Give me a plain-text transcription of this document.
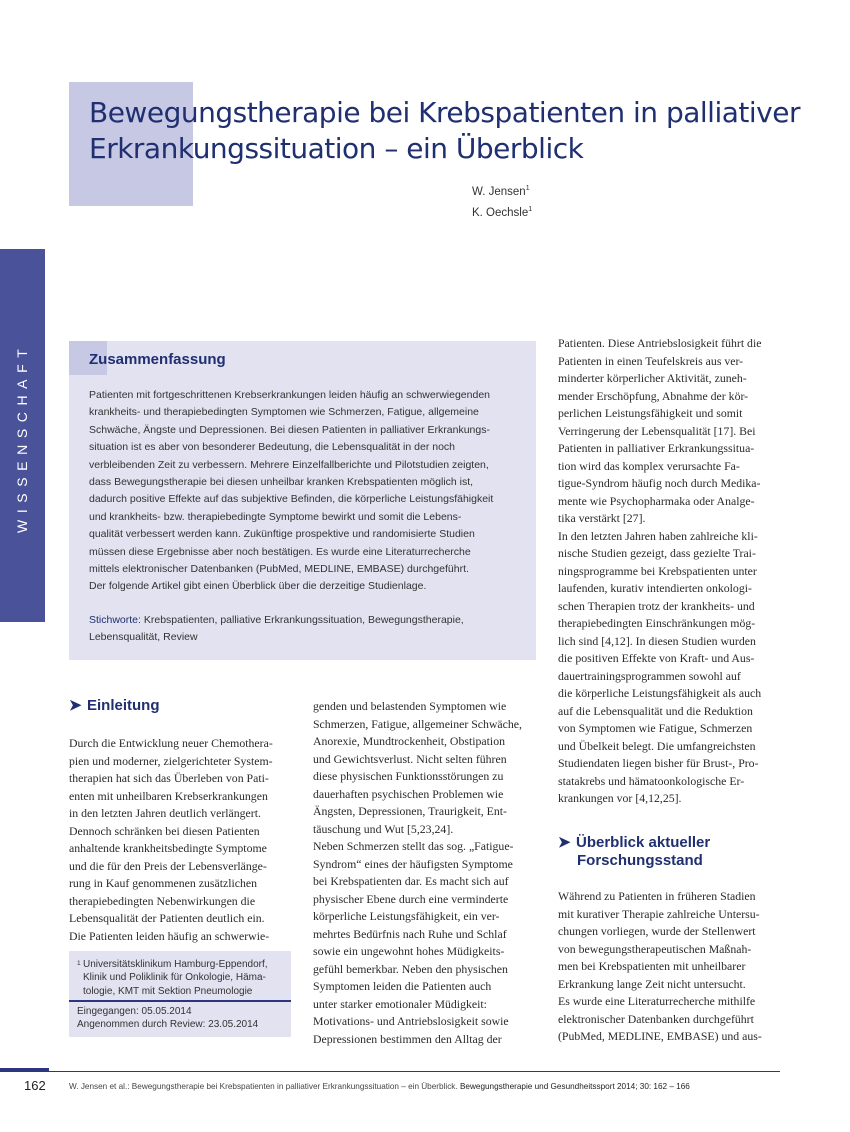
Bewegungstherapie bei Krebspatienten in palliativer Erkrankungssituation – ein Überblick
W. Jensen$^1$
K. Oechsle$^1$
WISSENSCHAFT	Zusammenfassung
Patienten mit fortgeschrittenen Krebserkrankungen leiden häufig an schwerwiegenden
krankheits- und therapiebedingten Symptomen wie Schmerzen, Fatigue, allgemeine
Schwäche, Ängste und Depressionen. Bei diesen Patienten in palliativer Erkrankungs-
situation ist es aber von besonderer Bedeutung, die Lebensqualität in der noch
verbleibenden Zeit zu verbessern. Mehrere Einzelfallberichte und Pilotstudien zeigten,
dass Bewegungstherapie bei diesen unheilbar kranken Krebspatienten möglich ist,
dadurch positive Effekte auf das subjektive Befinden, die körperliche Leistungsfähigkeit
und krankheits- bzw. therapiebedingte Symptome bewirkt und somit die Lebens-
qualität verbessert werden kann. Zukünftige prospektive und randomisierte Studien
müssen diese Ergebnisse aber noch bestätigen. Es wurde eine Literaturrecherche
mittels elektronischer Datenbanken (PubMed, MEDLINE, EMBASE) durchgeführt.
Der folgende Artikel gibt einen Überblick über die derzeitige Studienlage.
Stichworte: Krebspatienten, palliative Erkrankungssituation, Bewegungstherapie,
Lebensqualität, Review
➤ Einleitung
Durch die Entwicklung neuer Chemothera-
pien und moderner, zielgerichteter System-
therapien hat sich das Überleben von Pati-
enten mit unheilbaren Krebserkrankungen
in den letzten Jahren deutlich verlängert.
Dennoch schränken bei diesen Patienten
anhaltende krankheitsbedingte Symptome
und die für den Preis der Lebensverlänge-
rung in Kauf genommenen zusätzlichen
therapiebedingten Nebenwirkungen die
Lebensqualität der Patienten deutlich ein.
Die Patienten leiden häufig an schwerwie-
genden und belastenden Symptomen wie
Schmerzen, Fatigue, allgemeiner Schwäche,
Anorexie, Mundtrockenheit, Obstipation
und Gewichtsverlust. Nicht selten führen
diese physischen Funktionsstörungen zu
dauerhaften psychischen Problemen wie
Ängsten, Depressionen, Traurigkeit, Ent-
täuschung und Wut [5,23,24].
Neben Schmerzen stellt das sog. „Fatigue-
Syndrom“ eines der häufigsten Symptome
bei Krebspatienten dar. Es macht sich auf
physischer Ebene durch eine verminderte
körperliche Leistungsfähigkeit, ein ver-
mehrtes Bedürfnis nach Ruhe und Schlaf
sowie ein ungewohnt hohes Müdigkeits-
gefühl bemerkbar. Neben den physischen
Symptomen leiden die Patienten auch
unter starker emotionaler Müdigkeit:
Motivations- und Antriebslosigkeit sowie
Depressionen bestimmen den Alltag der
Patienten. Diese Antriebslosigkeit führt die
Patienten in einen Teufelskreis aus ver-
minderter körperlicher Aktivität, zuneh-
mender Erschöpfung, Abnahme der kör-
perlichen Leistungsfähigkeit und somit
Verringerung der Lebensqualität [17]. Bei
Patienten in palliativer Erkrankungssitua-
tion wird das komplex verursachte Fa-
tigue-Syndrom häufig noch durch Medika-
mente wie Psychopharmaka oder Analge-
tika verstärkt [27].
In den letzten Jahren haben zahlreiche kli-
nische Studien gezeigt, dass gezielte Trai-
ningsprogramme bei Krebspatienten unter
laufenden, kurativ intendierten onkologi-
schen Therapien trotz der krankheits- und
therapiebedingten Einschränkungen mög-
lich sind [4,12]. In diesen Studien wurden
die positiven Effekte von Kraft- und Aus-
dauertrainingsprogrammen sowohl auf
die körperliche Leistungsfähigkeit als auch
auf die Lebensqualität und die Reduktion
von Symptomen wie Fatigue, Schmerzen
und Übelkeit belegt. Die umfangreichsten
Studiendaten liegen bisher für Brust-, Pro-
statakrebs und hämatoonkologische Er-
krankungen vor [4,12,25].
➤ Überblick aktueller
Forschungsstand
Während zu Patienten in früheren Stadien
mit kurativer Therapie zahlreiche Untersu-
chungen vorliegen, wurde der Stellenwert
von bewegungstherapeutischen Maßnah-
men bei Krebspatienten mit unheilbarer
Erkrankung lange Zeit nicht untersucht.
Es wurde eine Literaturrecherche mithilfe
elektronischer Datenbanken durchgeführt
(PubMed, MEDLINE, EMBASE) und aus-
1 Universitätsklinikum Hamburg-Eppendorf,
Klinik und Poliklinik für Onkologie, Häma-
tologie, KMT mit Sektion Pneumologie
Eingegangen: 05.05.2014
Angenommen durch Review: 23.05.2014
162	W. Jensen et al.: Bewegungstherapie bei Krebspatienten in palliativer Erkrankungssituation – ein Überblick. Bewegungstherapie und Gesundheitssport 2014; 30: 162 – 166
